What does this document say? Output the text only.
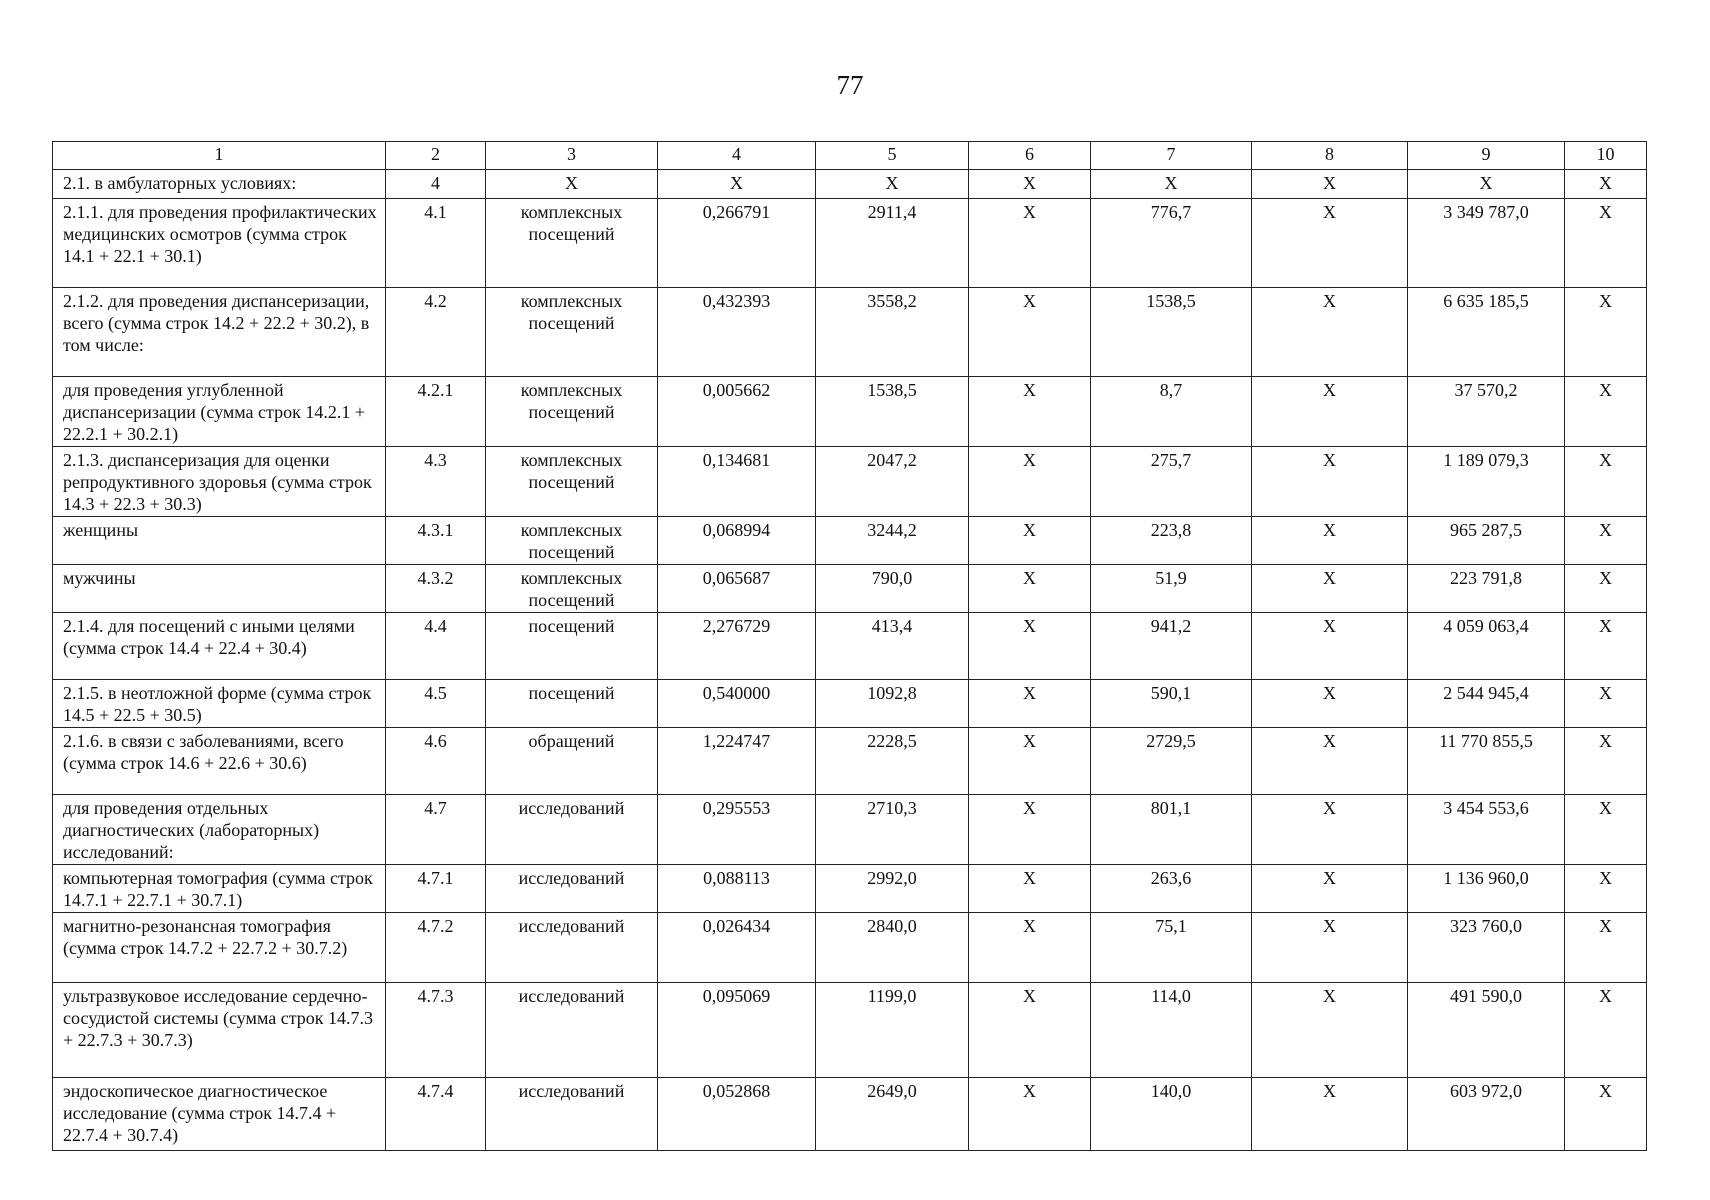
77
1	2	3	4	5	6	7	8	9	10
2.1. в амбулаторных условиях:	4	Х	Х	Х	Х	Х	Х	Х	Х
2.1.1. для проведения профилактических медицинских осмотров (сумма строк 14.1 + 22.1 + 30.1)	4.1	комплексных посещений	0,266791	2911,4	Х	776,7	Х	3 349 787,0	Х
2.1.2. для проведения диспансеризации, всего (сумма строк 14.2 + 22.2 + 30.2), в том числе:	4.2	комплексных посещений	0,432393	3558,2	Х	1538,5	Х	6 635 185,5	Х
для проведения углубленной диспансеризации (сумма строк 14.2.1 + 22.2.1 + 30.2.1)	4.2.1	комплексных посещений	0,005662	1538,5	Х	8,7	Х	37 570,2	Х
2.1.3. диспансеризация для оценки репродуктивного здоровья (сумма строк 14.3 + 22.3 + 30.3)	4.3	комплексных посещений	0,134681	2047,2	Х	275,7	Х	1 189 079,3	Х
женщины	4.3.1	комплексных посещений	0,068994	3244,2	Х	223,8	Х	965 287,5	Х
мужчины	4.3.2	комплексных посещений	0,065687	790,0	Х	51,9	Х	223 791,8	Х
2.1.4. для посещений с иными целями (сумма строк 14.4 + 22.4 + 30.4)	4.4	посещений	2,276729	413,4	Х	941,2	Х	4 059 063,4	Х
2.1.5. в неотложной форме (сумма строк 14.5 + 22.5 + 30.5)	4.5	посещений	0,540000	1092,8	Х	590,1	Х	2 544 945,4	Х
2.1.6. в связи с заболеваниями, всего (сумма строк 14.6 + 22.6 + 30.6)	4.6	обращений	1,224747	2228,5	Х	2729,5	Х	11 770 855,5	Х
для проведения отдельных диагностических (лабораторных) исследований:	4.7	исследований	0,295553	2710,3	Х	801,1	Х	3 454 553,6	Х
компьютерная томография (сумма строк 14.7.1 + 22.7.1 + 30.7.1)	4.7.1	исследований	0,088113	2992,0	Х	263,6	Х	1 136 960,0	Х
магнитно-резонансная томография (сумма строк 14.7.2 + 22.7.2 + 30.7.2)	4.7.2	исследований	0,026434	2840,0	Х	75,1	Х	323 760,0	Х
ультразвуковое исследование сердечно-сосудистой системы (сумма строк 14.7.3 + 22.7.3 + 30.7.3)	4.7.3	исследований	0,095069	1199,0	Х	114,0	Х	491 590,0	Х
эндоскопическое диагностическое исследование (сумма строк 14.7.4 + 22.7.4 + 30.7.4)	4.7.4	исследований	0,052868	2649,0	Х	140,0	Х	603 972,0	Х
